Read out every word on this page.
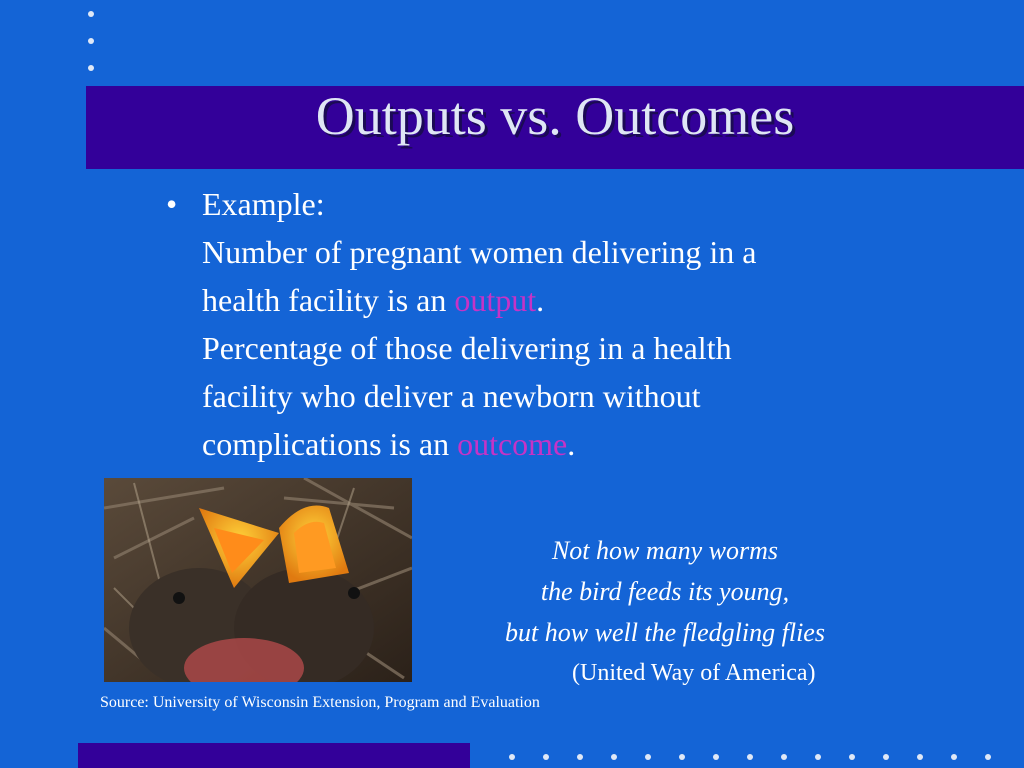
Outputs vs. Outcomes
• Example:
Number of pregnant women delivering in a
health facility is an output.
Percentage of those delivering in a health
facility who deliver a newborn without
complications is an outcome.
Not how many worms
the bird feeds its young,
but how well the fledgling flies
(United Way of America)
Source: University of Wisconsin Extension, Program and Evaluation
